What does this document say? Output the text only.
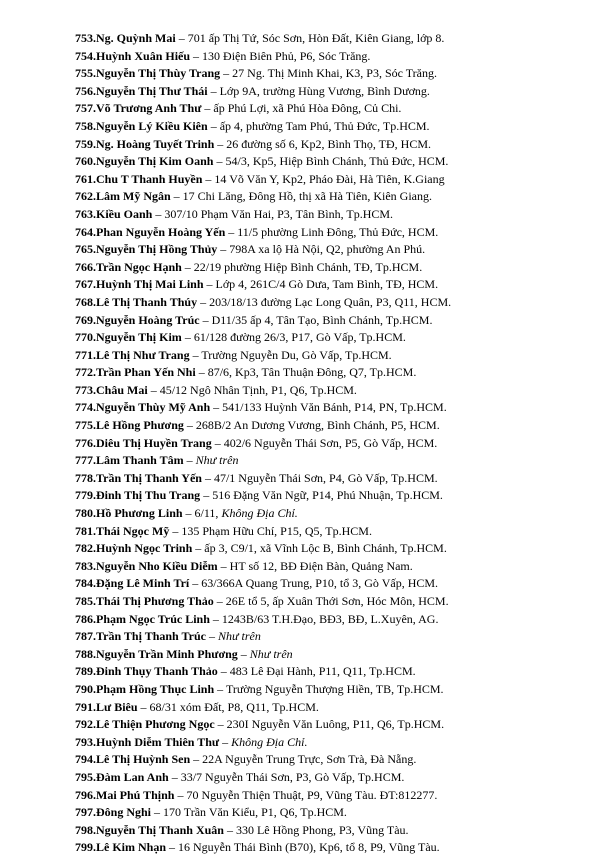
753.Ng. Quỳnh Mai – 701 ấp Thị Tứ, Sóc Sơn, Hòn Đất, Kiên Giang, lớp 8.
754.Huỳnh Xuân Hiếu – 130 Điện Biên Phủ, P6, Sóc Trăng.
755.Nguyễn Thị Thùy Trang – 27 Ng. Thị Minh Khai, K3, P3, Sóc Trăng.
756.Nguyễn Thị Thư Thái – Lớp 9A, trường Hùng Vương, Bình Dương.
757.Võ Trương Anh Thư – ấp Phú Lợi, xã Phú Hòa Đông, Củ Chi.
758.Nguyễn Lý Kiều Kiên – ấp 4, phường Tam Phú, Thủ Đức, Tp.HCM.
759.Ng. Hoàng Tuyết Trinh – 26 đường số 6, Kp2, Bình Thọ, TĐ, HCM.
760.Nguyễn Thị Kim Oanh – 54/3, Kp5, Hiệp Bình Chánh, Thủ Đức, HCM.
761.Chu T Thanh Huyền – 14 Võ Văn Y, Kp2, Pháo Đài, Hà Tiên, K.Giang
762.Lâm Mỹ Ngân – 17 Chi Lăng, Đông Hồ, thị xã Hà Tiên, Kiên Giang.
763.Kiều Oanh – 307/10 Phạm Văn Hai, P3, Tân Bình, Tp.HCM.
764.Phan Nguyễn Hoàng Yến – 11/5 phường Linh Đông, Thủ Đức, HCM.
765.Nguyễn Thị Hồng Thủy – 798A xa lộ Hà Nội, Q2, phường An Phú.
766.Trần Ngọc Hạnh – 22/19 phường Hiệp Bình Chánh, TĐ, Tp.HCM.
767.Huỳnh Thị Mai Linh – Lớp 4, 261C/4 Gò Dưa, Tam Bình, TĐ, HCM.
768.Lê Thị Thanh Thúy – 203/18/13 đường Lạc Long Quân, P3, Q11, HCM.
769.Nguyễn Hoàng Trúc – D11/35 ấp 4, Tân Tạo, Bình Chánh, Tp.HCM.
770.Nguyễn Thị Kim – 61/128 đường 26/3, P17, Gò Vấp, Tp.HCM.
771.Lê Thị Như Trang – Trường Nguyễn Du, Gò Vấp, Tp.HCM.
772.Trần Phan Yến Nhi – 87/6, Kp3, Tân Thuận Đông, Q7, Tp.HCM.
773.Châu Mai – 45/12 Ngô Nhân Tịnh, P1, Q6, Tp.HCM.
774.Nguyễn Thùy Mỹ Anh – 541/133 Huỳnh Văn Bánh, P14, PN, Tp.HCM.
775.Lê Hồng Phương – 268B/2 An Dương Vương, Bình Chánh, P5, HCM.
776.Diêu Thị Huyền Trang – 402/6 Nguyễn Thái Sơn, P5, Gò Vấp, HCM.
777.Lâm Thanh Tâm – Như trên
778.Trần Thị Thanh Yến – 47/1 Nguyễn Thái Sơn, P4, Gò Vấp, Tp.HCM.
779.Đinh Thị Thu Trang – 516 Đặng Văn Ngữ, P14, Phú Nhuận, Tp.HCM.
780.Hồ Phương Linh – 6/11, Không Địa Chỉ.
781.Thái Ngọc Mỹ – 135 Phạm Hữu Chí, P15, Q5, Tp.HCM.
782.Huỳnh Ngọc Trinh – ấp 3, C9/1, xã Vĩnh Lộc B, Bình Chánh, Tp.HCM.
783.Nguyễn Nho Kiều Diễm – HT số 12, BĐ Điện Bàn, Quảng Nam.
784.Đặng Lê Minh Trí – 63/366A Quang Trung, P10, tổ 3, Gò Vấp, HCM.
785.Thái Thị Phương Thảo – 26E tổ 5, ấp Xuân Thới Sơn, Hóc Môn, HCM.
786.Phạm Ngọc Trúc Linh – 1243B/63 T.H.Đạo, BĐ3, BĐ, L.Xuyên, AG.
787.Trần Thị Thanh Trúc – Như trên
788.Nguyễn Trần Minh Phương – Như trên
789.Đinh Thụy Thanh Thảo – 483 Lê Đại Hành, P11, Q11, Tp.HCM.
790.Phạm Hồng Thục Linh – Trường Nguyễn Thượng Hiền, TB, Tp.HCM.
791.Lư Biêu – 68/31 xóm Đất, P8, Q11, Tp.HCM.
792.Lê Thiện Phương Ngọc – 230I Nguyễn Văn Luông, P11, Q6, Tp.HCM.
793.Huỳnh Diễm Thiên Thư – Không Địa Chỉ.
794.Lê Thị Huỳnh Sen – 22A Nguyễn Trung Trực, Sơn Trà, Đà Nẵng.
795.Đàm Lan Anh – 33/7 Nguyễn Thái Sơn, P3, Gò Vấp, Tp.HCM.
796.Mai Phú Thịnh – 70 Nguyễn Thiện Thuật, P9, Vũng Tàu. ĐT:812277.
797.Đông Nghi – 170 Trần Văn Kiểu, P1, Q6, Tp.HCM.
798.Nguyễn Thị Thanh Xuân – 330 Lê Hồng Phong, P3, Vũng Tàu.
799.Lê Kim Nhạn – 16 Nguyễn Thái Bình (B70), Kp6, tổ 8, P9, Vũng Tàu.
